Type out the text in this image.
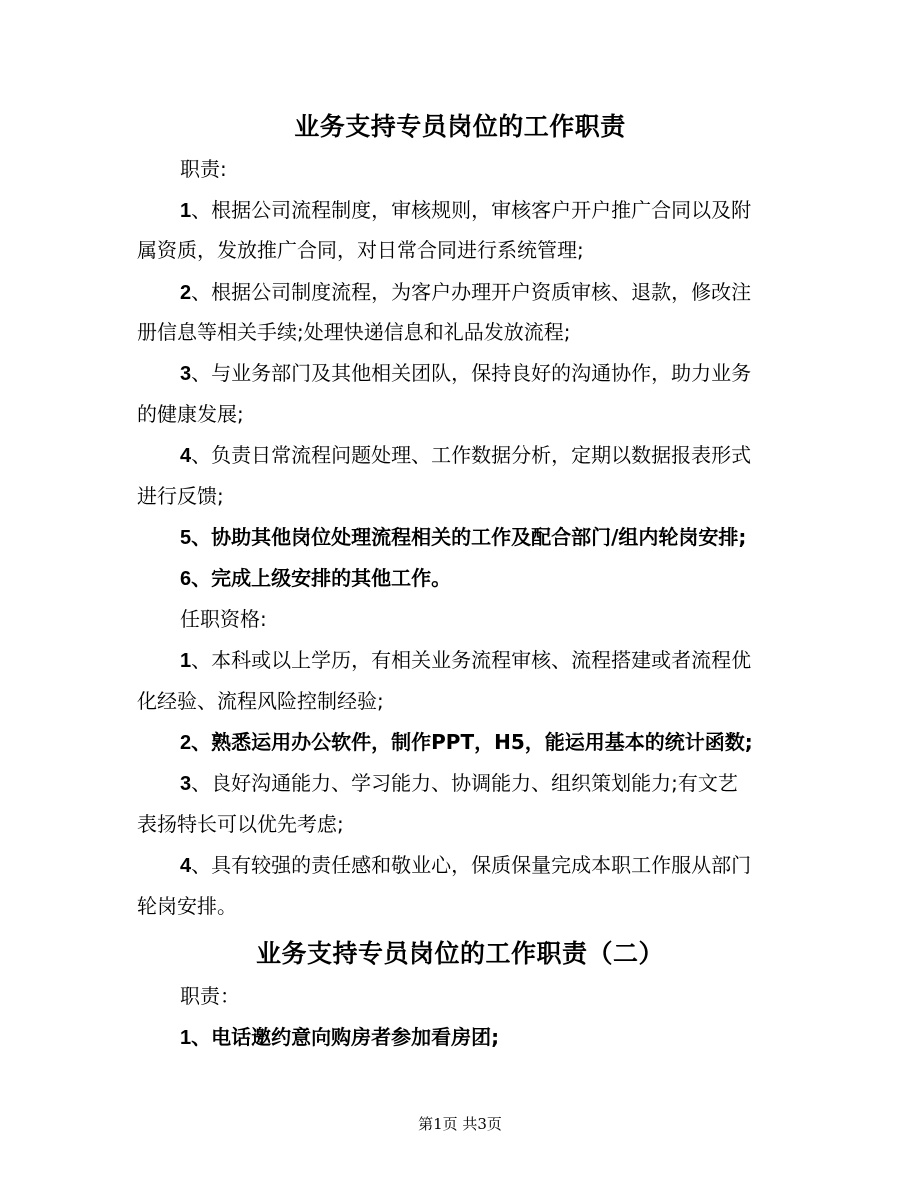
业务支持专员岗位的工作职责
职责:
1、根据公司流程制度，审核规则，审核客户开户推广合同以及附
属资质，发放推广合同，对日常合同进行系统管理;
2、根据公司制度流程，为客户办理开户资质审核、退款，修改注
册信息等相关手续;处理快递信息和礼品发放流程;
3、与业务部门及其他相关团队，保持良好的沟通协作，助力业务
的健康发展;
4、负责日常流程问题处理、工作数据分析，定期以数据报表形式
进行反馈;
5、协助其他岗位处理流程相关的工作及配合部门/组内轮岗安排;
6、完成上级安排的其他工作。
任职资格:
1、本科或以上学历，有相关业务流程审核、流程搭建或者流程优
化经验、流程风险控制经验;
2、熟悉运用办公软件，制作PPT，H5，能运用基本的统计函数;
3、良好沟通能力、学习能力、协调能力、组织策划能力;有文艺
表扬特长可以优先考虑;
4、具有较强的责任感和敬业心，保质保量完成本职工作服从部门
轮岗安排。
业务支持专员岗位的工作职责（二）
职责：
1、电话邀约意向购房者参加看房团;
第1页 共3页
